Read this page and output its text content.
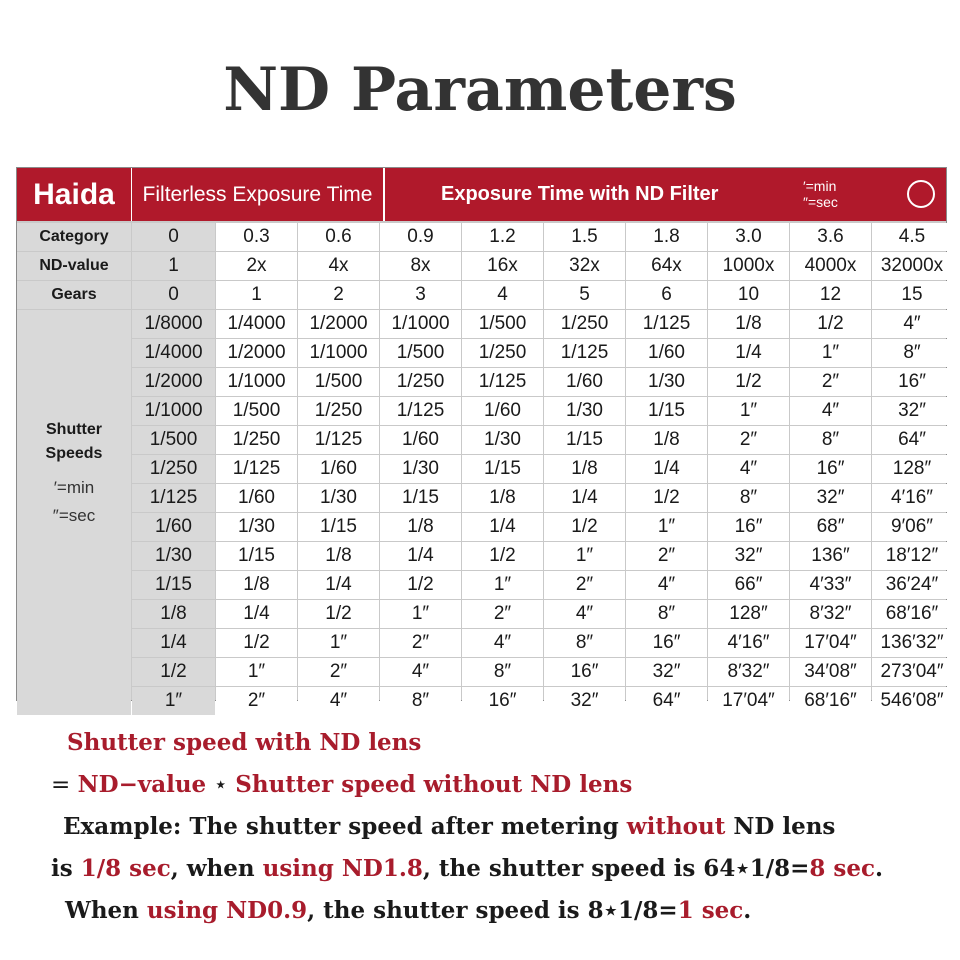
ND Parameters
Haida	Filterless Exposure Time	Exposure Time with ND Filter	′=min
″=sec
Category	0	0.3	0.6	0.9	1.2	1.5	1.8	3.0	3.6	4.5
ND-value	1	2x	4x	8x	16x	32x	64x	1000x	4000x	32000x
Gears	0	1	2	3	4	5	6	10	12	15
Shutter
Speeds
′=min
″=sec
1/8000	1/4000	1/2000	1/1000	1/500	1/250	1/125	1/8	1/2	4″
1/4000	1/2000	1/1000	1/500	1/250	1/125	1/60	1/4	1″	8″
1/2000	1/1000	1/500	1/250	1/125	1/60	1/30	1/2	2″	16″
1/1000	1/500	1/250	1/125	1/60	1/30	1/15	1″	4″	32″
1/500	1/250	1/125	1/60	1/30	1/15	1/8	2″	8″	64″
1/250	1/125	1/60	1/30	1/15	1/8	1/4	4″	16″	128″
1/125	1/60	1/30	1/15	1/8	1/4	1/2	8″	32″	4′16″
1/60	1/30	1/15	1/8	1/4	1/2	1″	16″	68″	9′06″
1/30	1/15	1/8	1/4	1/2	1″	2″	32″	136″	18′12″
1/15	1/8	1/4	1/2	1″	2″	4″	66″	4′33″	36′24″
1/8	1/4	1/2	1″	2″	4″	8″	128″	8′32″	68′16″
1/4	1/2	1″	2″	4″	8″	16″	4′16″	17′04″	136′32″
1/2	1″	2″	4″	8″	16″	32″	8′32″	34′08″	273′04″
1″	2″	4″	8″	16″	32″	64″	17′04″	68′16″	546′08″
Shutter speed with ND lens
= ND−value ⋆ Shutter speed without ND lens
Example: The shutter speed after metering without ND lens
is 1/8 sec, when using ND1.8, the shutter speed is 64⋆1/8=8 sec.
When using ND0.9, the shutter speed is 8⋆1/8=1 sec.
